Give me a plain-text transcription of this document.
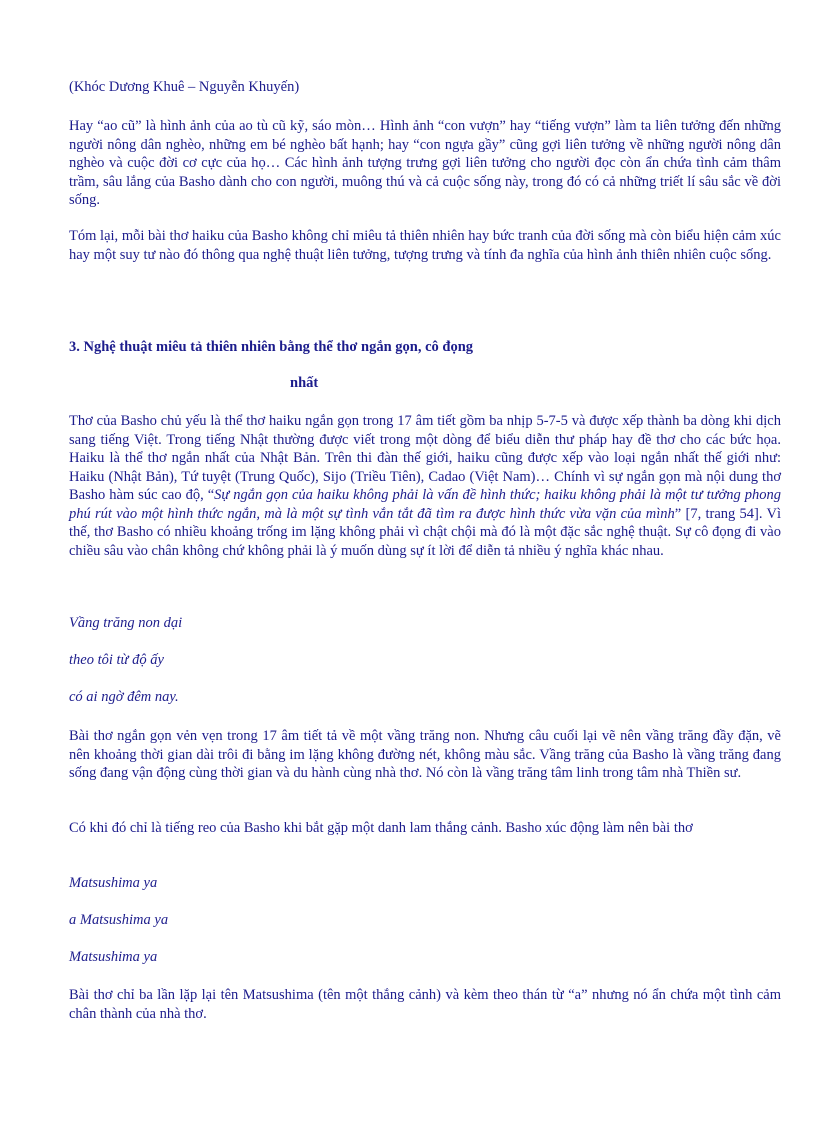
(Khóc Dương Khuê – Nguyễn Khuyến)

Hay “ao cũ” là hình ảnh của ao tù cũ kỹ, sáo mòn… Hình ảnh “con vượn” hay “tiếng vượn” làm ta liên tưởng đến những người nông dân nghèo, những em bé nghèo bất hạnh; hay “con ngựa gầy” cũng gợi liên tưởng về những người nông dân nghèo và cuộc đời cơ cực của họ… Các hình ảnh tượng trưng gợi liên tưởng cho người đọc còn ẩn chứa tình cảm thâm trầm, sâu lắng của Basho dành cho con người, muông thú và cả cuộc sống này, trong đó có cả những triết lí sâu sắc về đời sống.

Tóm lại, mỗi bài thơ haiku của Basho không chỉ miêu tả thiên nhiên hay bức tranh của đời sống mà còn biểu hiện cảm xúc hay một suy tư nào đó thông qua nghệ thuật liên tưởng, tượng trưng và tính đa nghĩa của hình ảnh thiên nhiên cuộc sống.

3. Nghệ thuật miêu tả thiên nhiên bằng thể thơ ngắn gọn, cô đọng
nhất

Thơ của Basho chủ yếu là thể thơ haiku ngắn gọn trong 17 âm tiết gồm ba nhịp 5-7-5 và được xếp thành ba dòng khi dịch sang tiếng Việt. Trong tiếng Nhật thường được viết trong một dòng để biểu diễn thư pháp hay đề thơ cho các bức họa. Haiku là thể thơ ngắn nhất của Nhật Bản. Trên thi đàn thế giới, haiku cũng được xếp vào loại ngắn nhất thế giới như: Haiku (Nhật Bản), Tứ tuyệt (Trung Quốc), Sijo (Triều Tiên), Cadao (Việt Nam)… Chính vì sự ngắn gọn mà nội dung thơ Basho hàm súc cao độ, “Sự ngắn gọn của haiku không phải là vấn đề hình thức; haiku không phải là một tư tưởng phong phú rút vào một hình thức ngắn, mà là một sự tình vắn tắt đã tìm ra được hình thức vừa vặn của mình” [7, trang 54]. Vì thế, thơ Basho có nhiều khoảng trống im lặng không phải vì chật chội mà đó là một đặc sắc nghệ thuật. Sự cô đọng đi vào chiều sâu vào chân không chứ không phải là ý muốn dùng sự ít lời để diễn tả nhiều ý nghĩa khác nhau.

Vầng trăng non dại
theo tôi từ độ ấy
có ai ngờ đêm nay.

Bài thơ ngắn gọn vẻn vẹn trong 17 âm tiết tả về một vầng trăng non. Nhưng câu cuối lại vẽ nên vầng trăng đầy đặn, vẽ nên khoảng thời gian dài trôi đi bằng im lặng không đường nét, không màu sắc. Vầng trăng của Basho là vầng trăng đang sống đang vận động cùng thời gian và du hành cùng nhà thơ. Nó còn là vầng trăng tâm linh trong tâm nhà Thiền sư.

Có khi đó chỉ là tiếng reo của Basho khi bắt gặp một danh lam thắng cảnh. Basho xúc động làm nên bài thơ

Matsushima ya
a Matsushima ya
Matsushima ya

Bài thơ chỉ ba lần lặp lại tên Matsushima (tên một thắng cảnh) và kèm theo thán từ “a” nhưng nó ẩn chứa một tình cảm chân thành của nhà thơ.
